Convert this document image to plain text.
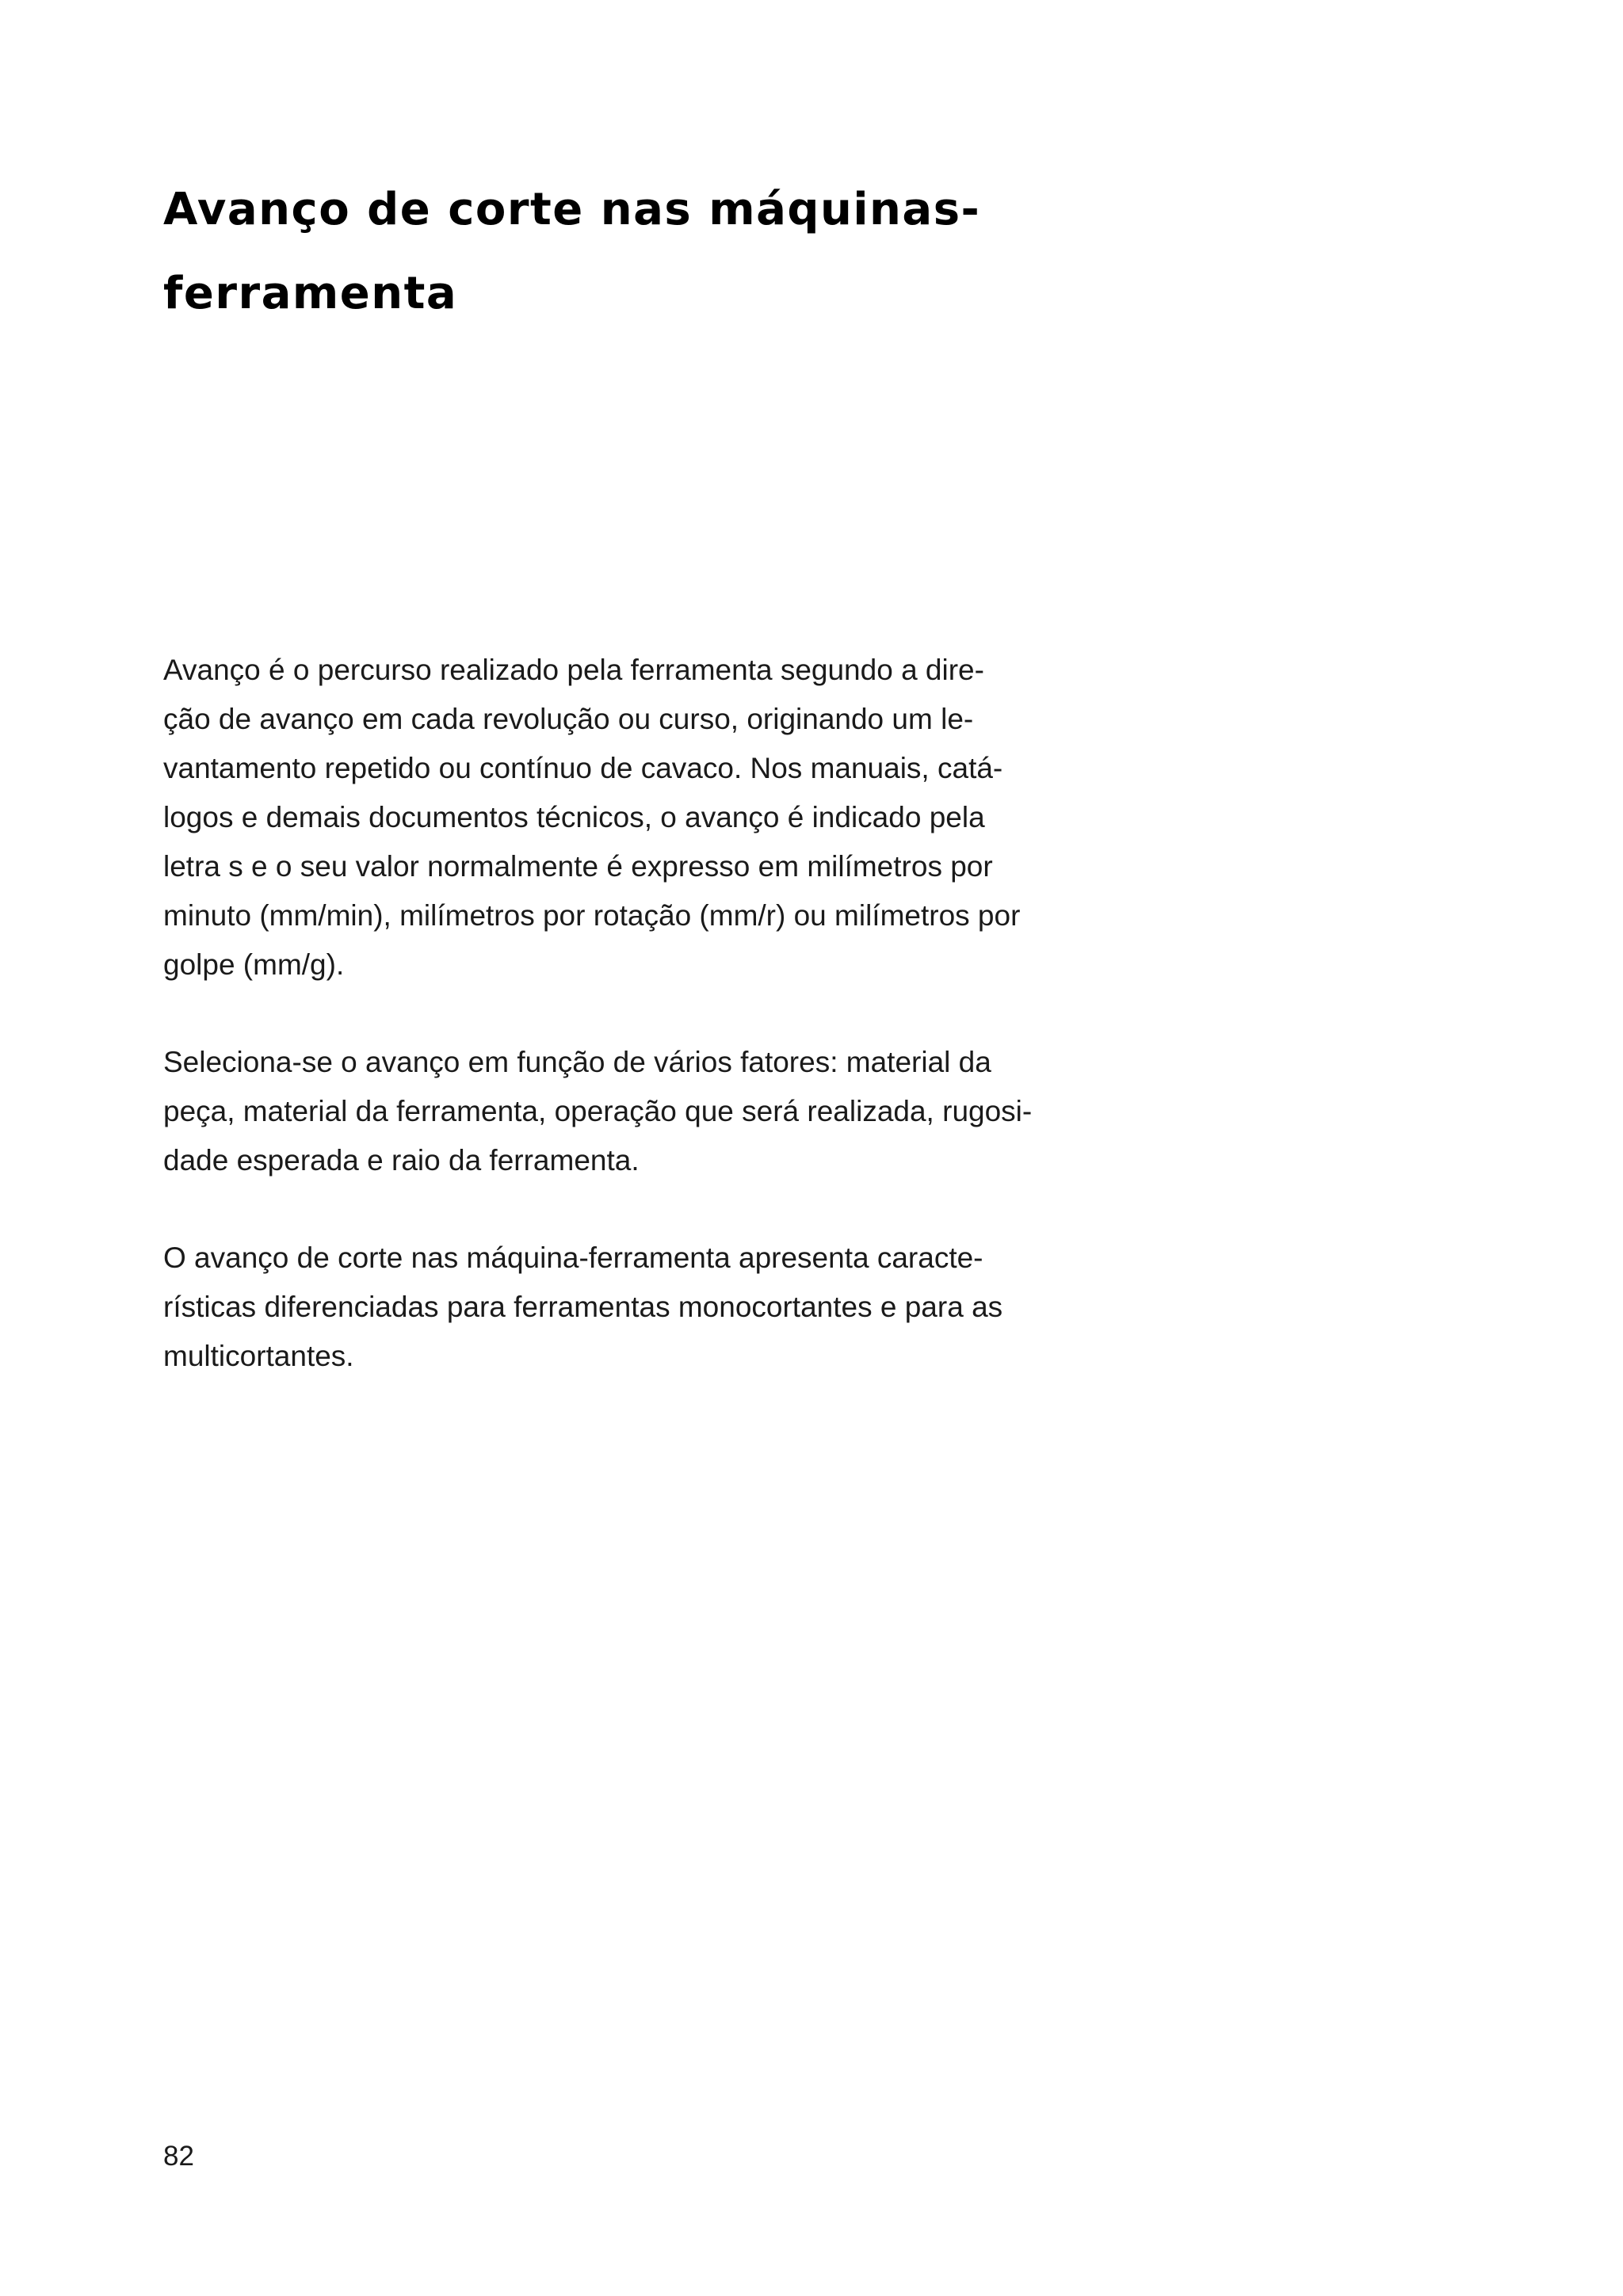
Avanço de corte nas máquinas-
ferramenta

Avanço é o percurso realizado pela ferramenta segundo a dire-
ção de avanço em cada revolução ou curso, originando um le-
vantamento repetido ou contínuo de cavaco. Nos manuais, catá-
logos e demais documentos técnicos, o avanço é indicado pela
letra s e o seu valor normalmente é expresso em milímetros por
minuto (mm/min), milímetros por rotação (mm/r) ou milímetros por
golpe (mm/g).

Seleciona-se o avanço em função de vários fatores: material da
peça, material da ferramenta, operação que será realizada, rugosi-
dade esperada e raio da ferramenta.

O avanço de corte nas máquina-ferramenta apresenta caracte-
rísticas diferenciadas para ferramentas monocortantes e para as
multicortantes.

82
